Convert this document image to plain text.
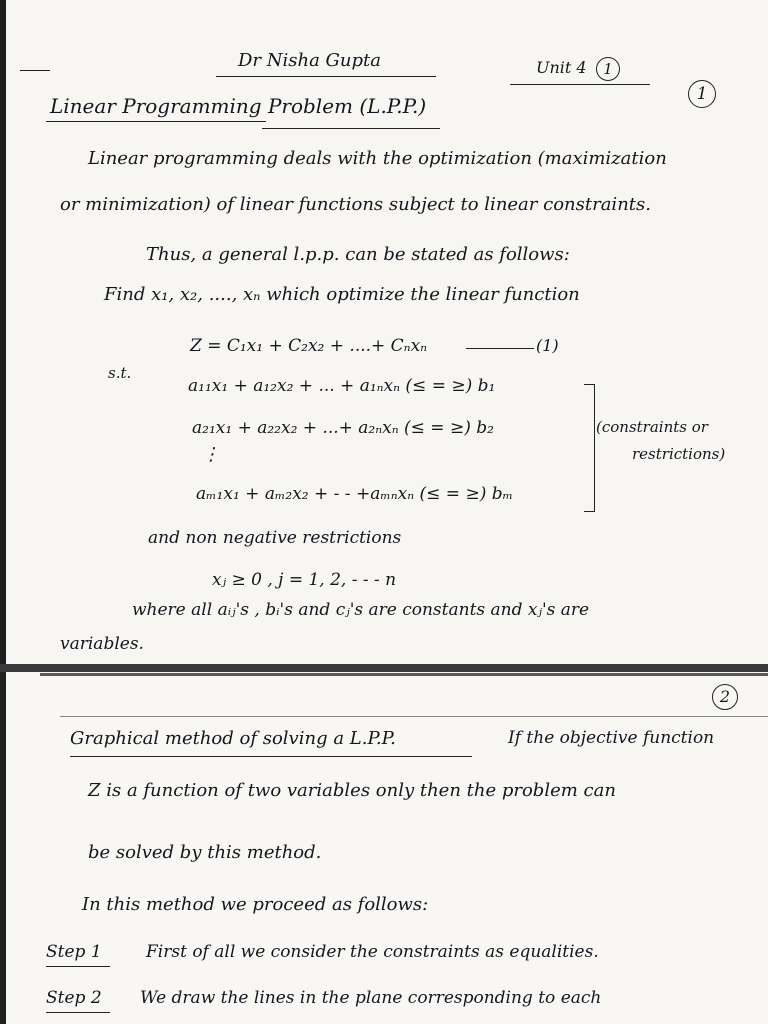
Dr Nisha Gupta	Unit 4	1
1
Linear Programming Problem (L.P.P.)
Linear programming deals with the optimization (maximization
or minimization) of linear functions subject to linear constraints.
Thus, a general l.p.p. can be stated as follows:
Find x₁, x₂, ...., xₙ which optimize the linear function
Z = C₁x₁ + C₂x₂ + ....+ Cₙxₙ	(1)
s.t.
a₁₁x₁ + a₁₂x₂ + ... + a₁ₙxₙ (≤ = ≥) b₁
a₂₁x₁ + a₂₂x₂ + ...+ a₂ₙxₙ (≤ = ≥) b₂
⋮
aₘ₁x₁ + aₘ₂x₂ + - - +aₘₙxₙ (≤ = ≥) bₘ
(constraints or
restrictions)
and non negative restrictions
xⱼ ≥ 0 , j = 1, 2, - - - n
where all aᵢⱼ's , bᵢ's and cⱼ's are constants and xⱼ's are
variables.
2
Graphical method of solving a L.P.P.	If the objective function
Z is a function of two variables only then the problem can
be solved by this method.
In this method we proceed as follows:
Step 1	First of all we consider the constraints as equalities.
Step 2 We draw the lines in the plane corresponding to each
